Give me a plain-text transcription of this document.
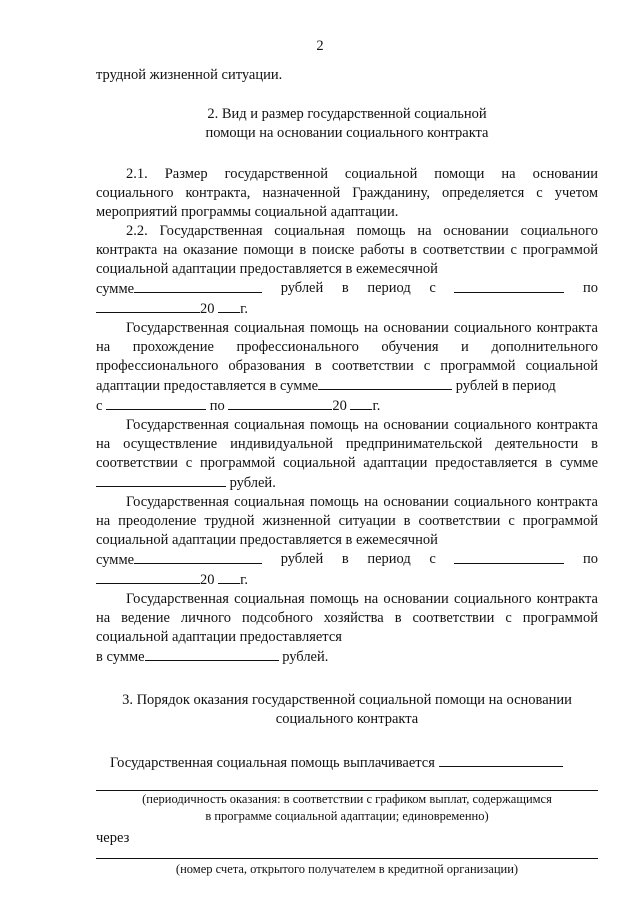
2

трудной жизненной ситуации.

2. Вид и размер государственной социальной

помощи на основании социального контракта

2.1. Размер государственной социальной помощи на основании социального контракта, назначенной Гражданину, определяется с учетом мероприятий программы социальной адаптации.

2.2. Государственная социальная помощь на основании социального контракта на оказание помощи в поиске работы в соответствии с программой социальной адаптации предоставляется в ежемесячной

сумме	рублей в период с	по
20 г.

Государственная социальная помощь на основании социального контракта на прохождение профессионального обучения и дополнительного профессионального образования в соответствии с программой социальной адаптации предоставляется в сумме	рублей в период

с	по	20 г.

Государственная социальная помощь на основании социального контракта на осуществление индивидуальной предпринимательской деятельности в соответствии с программой социальной адаптации предоставляется в сумме рублей.

Государственная социальная помощь на основании социального контракта на преодоление трудной жизненной ситуации в соответствии с программой социальной адаптации предоставляется в ежемесячной

сумме	рублей в период с	по
20 г.

Государственная социальная помощь на основании социального контракта на ведение личного подсобного хозяйства в соответствии с программой социальной адаптации предоставляется

в сумме	рублей.

3. Порядок оказания государственной социальной помощи на основании

социального контракта

Государственная социальная помощь выплачивается

(периодичность оказания: в соответствии с графиком выплат, содержащимся

в программе социальной адаптации; единовременно)

через

(номер счета, открытого получателем в кредитной организации)
